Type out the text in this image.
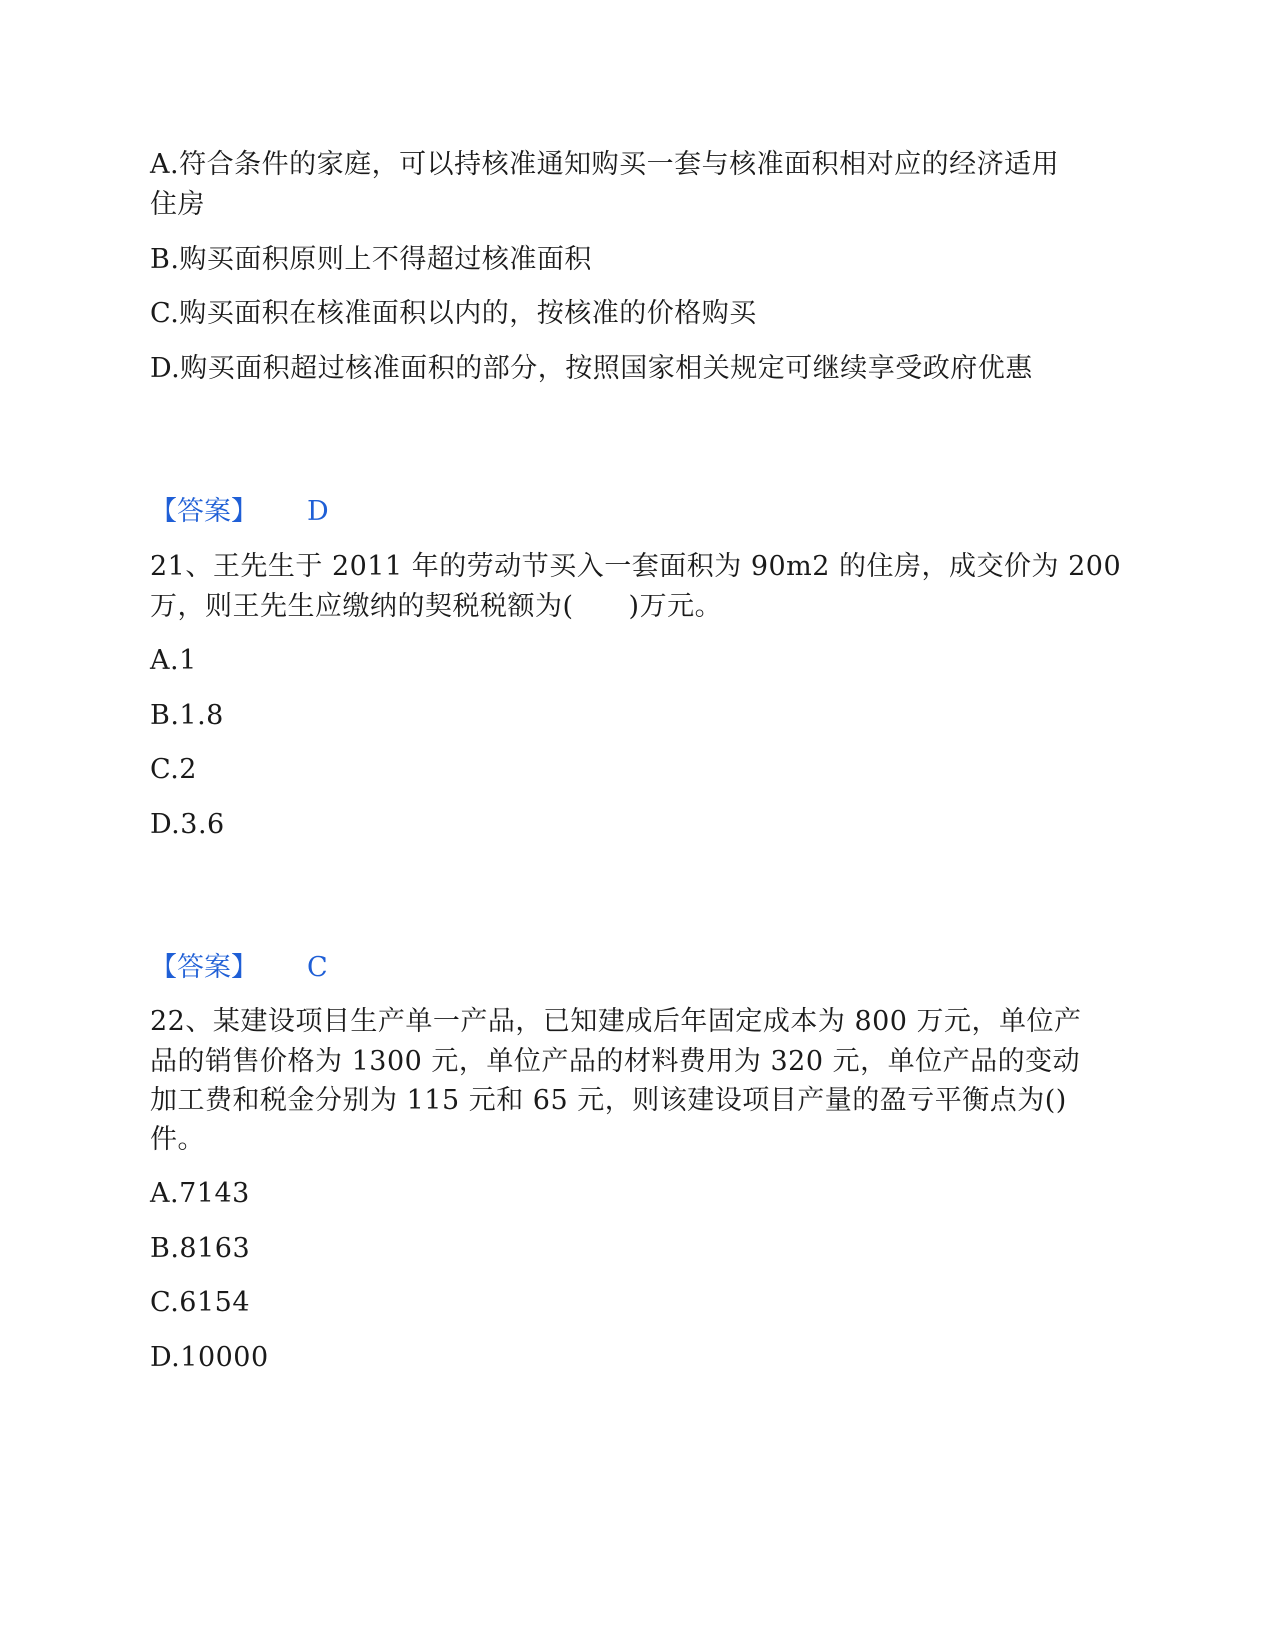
A.符合条件的家庭，可以持核准通知购买一套与核准面积相对应的经济适用
住房
B.购买面积原则上不得超过核准面积
C.购买面积在核准面积以内的，按核准的价格购买
D.购买面积超过核准面积的部分，按照国家相关规定可继续享受政府优惠
【答案】 D
21、王先生于 2011 年的劳动节买入一套面积为 90m2 的住房，成交价为 200
万，则王先生应缴纳的契税税额为(　　)万元。
A.1
B.1.8
C.2
D.3.6
【答案】 C
22、某建设项目生产单一产品，已知建成后年固定成本为 800 万元，单位产
品的销售价格为 1300 元，单位产品的材料费用为 320 元，单位产品的变动
加工费和税金分别为 115 元和 65 元，则该建设项目产量的盈亏平衡点为()
件。
A.7143
B.8163
C.6154
D.10000
